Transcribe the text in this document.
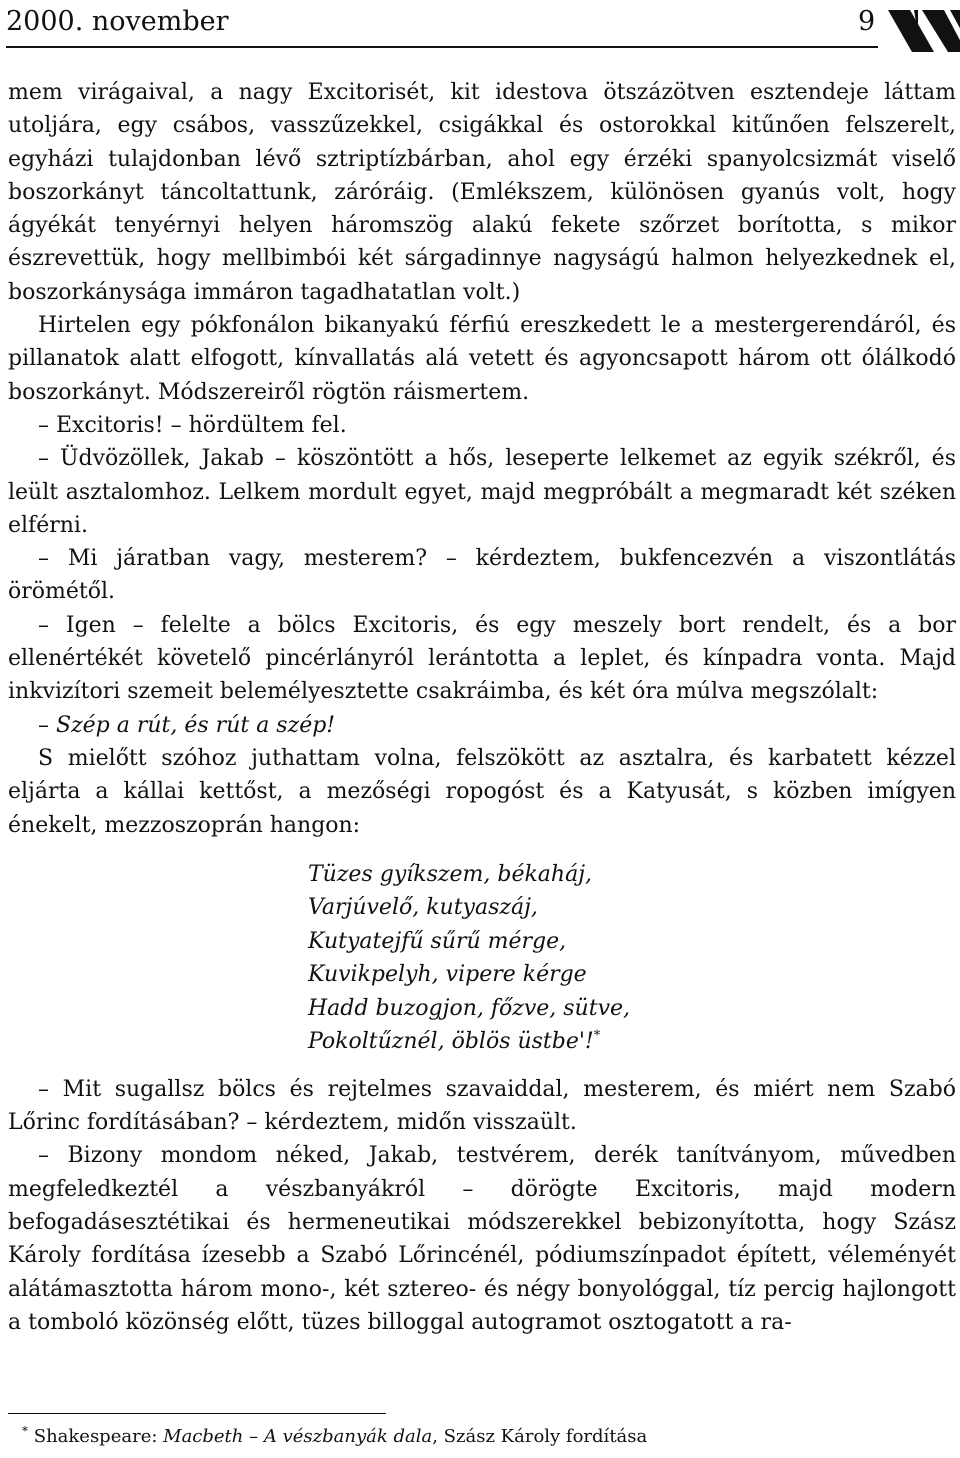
2000. november	9

mem virágaival, a nagy Excitorisét, kit idestova ötszázötven esztendeje láttam utoljára, egy csábos, vasszűzekkel, csigákkal és ostorokkal kitűnően felszerelt, egyházi tulajdonban lévő sztriptízbárban, ahol egy érzéki spanyolcsizmát viselő boszorkányt táncoltattunk, záróráig. (Emlékszem, különösen gyanús volt, hogy ágyékát tenyérnyi helyen háromszög alakú fekete szőrzet borította, s mikor észrevettük, hogy mellbimbói két sárgadinnye nagyságú halmon helyezkednek el, boszorkánysága immáron tagadhatatlan volt.)

Hirtelen egy pókfonálon bikanyakú férfiú ereszkedett le a mestergerendáról, és pillanatok alatt elfogott, kínvallatás alá vetett és agyoncsapott három ott ólálkodó boszorkányt. Módszereiről rögtön ráismertem.

– Excitoris! – hördültem fel.

– Üdvözöllek, Jakab – köszöntött a hős, leseperte lelkemet az egyik székről, és leült asztalomhoz. Lelkem mordult egyet, majd megpróbált a megmaradt két széken elférni.

– Mi járatban vagy, mesterem? – kérdeztem, bukfencezvén a viszontlátás örömétől.

– Igen – felelte a bölcs Excitoris, és egy meszely bort rendelt, és a bor ellenértékét követelő pincérlányról lerántotta a leplet, és kínpadra vonta. Majd inkvizítori szemeit belemélyesztette csakráimba, és két óra múlva megszólalt:

– Szép a rút, és rút a szép!

S mielőtt szóhoz juthattam volna, felszökött az asztalra, és karbatett kézzel eljárta a kállai kettőst, a mezőségi ropogóst és a Katyusát, s közben imígyen énekelt, mezzoszoprán hangon:

Tüzes gyíkszem, békaháj,
Varjúvelő, kutyaszáj,
Kutyatejfű sűrű mérge,
Kuvikpelyh, vipere kérge
Hadd buzogjon, főzve, sütve,
Pokoltűznél, öblös üstbe'!*

– Mit sugallsz bölcs és rejtelmes szavaiddal, mesterem, és miért nem Szabó Lőrinc fordításában? – kérdeztem, midőn visszaült.

– Bizony mondom néked, Jakab, testvérem, derék tanítványom, művedben megfeledkeztél a vészbanyákról – dörögte Excitoris, majd modern befogadásesztétikai és hermeneutikai módszerekkel bebizonyította, hogy Szász Károly fordítása ízesebb a Szabó Lőrincénél, pódiumszínpadot épített, véleményét alátámasztotta három mono-, két sztereo- és négy bonyológgal, tíz percig hajlongott a tomboló közönség előtt, tüzes billoggal autogramot osztogatott a ra-

* Shakespeare: Macbeth – A vészbanyák dala, Szász Károly fordítása
